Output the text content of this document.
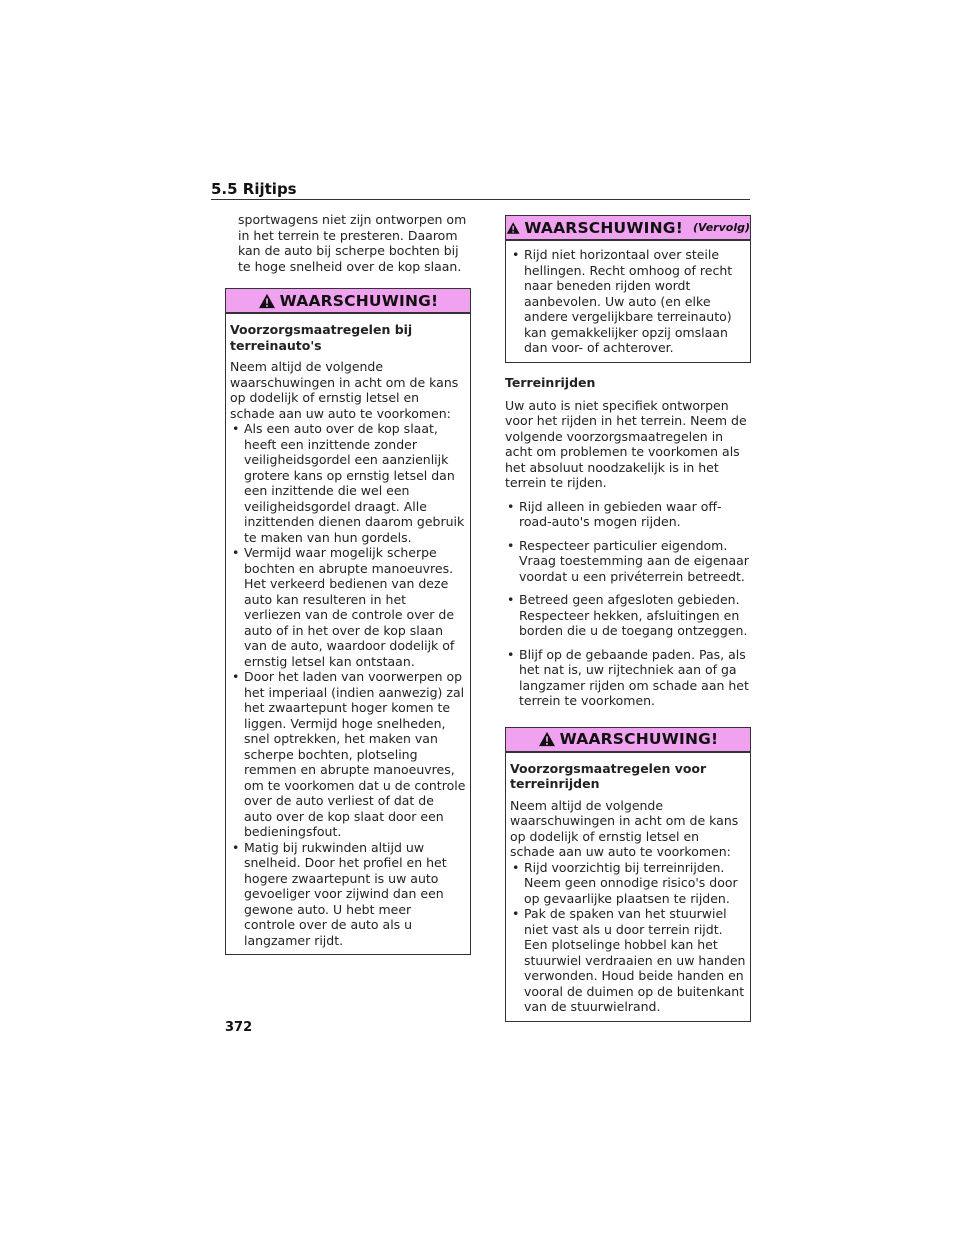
5.5 Rijtips

sportwagens niet zijn ontworpen om in het terrein te presteren. Daarom kan de auto bij scherpe bochten bij te hoge snelheid over de kop slaan.

WAARSCHUWING!

Voorzorgsmaatregelen bij terreinauto's

Neem altijd de volgende waarschuwingen in acht om de kans op dodelijk of ernstig letsel en schade aan uw auto te voorkomen:

• Als een auto over de kop slaat, heeft een inzittende zonder veiligheidsgordel een aanzienlijk grotere kans op ernstig letsel dan een inzittende die wel een veiligheidsgordel draagt. Alle inzittenden dienen daarom gebruik te maken van hun gordels.
• Vermijd waar mogelijk scherpe bochten en abrupte manoeuvres. Het verkeerd bedienen van deze auto kan resulteren in het verliezen van de controle over de auto of in het over de kop slaan van de auto, waardoor dodelijk of ernstig letsel kan ontstaan.
• Door het laden van voorwerpen op het imperiaal (indien aanwezig) zal het zwaartepunt hoger komen te liggen. Vermijd hoge snelheden, snel optrekken, het maken van scherpe bochten, plotseling remmen en abrupte manoeuvres, om te voorkomen dat u de controle over de auto verliest of dat de auto over de kop slaat door een bedieningsfout.
• Matig bij rukwinden altijd uw snelheid. Door het profiel en het hogere zwaartepunt is uw auto gevoeliger voor zijwind dan een gewone auto. U hebt meer controle over de auto als u langzamer rijdt.
WAARSCHUWING! (Vervolg)
• Rijd niet horizontaal over steile hellingen. Recht omhoog of recht naar beneden rijden wordt aanbevolen. Uw auto (en elke andere vergelijkbare terreinauto) kan gemakkelijker opzij omslaan dan voor- of achterover.

Terreinrijden

Uw auto is niet specifiek ontworpen voor het rijden in het terrein. Neem de volgende voorzorgsmaatregelen in acht om problemen te voorkomen als het absoluut noodzakelijk is in het terrein te rijden.

• Rijd alleen in gebieden waar off-road-auto's mogen rijden.
• Respecteer particulier eigendom. Vraag toestemming aan de eigenaar voordat u een privéterrein betreedt.
• Betreed geen afgesloten gebieden. Respecteer hekken, afsluitingen en borden die u de toegang ontzeggen.
• Blijf op de gebaande paden. Pas, als het nat is, uw rijtechniek aan of ga langzamer rijden om schade aan het terrein te voorkomen.
WAARSCHUWING!

Voorzorgsmaatregelen voor terreinrijden

Neem altijd de volgende waarschuwingen in acht om de kans op dodelijk of ernstig letsel en schade aan uw auto te voorkomen:

• Rijd voorzichtig bij terreinrijden. Neem geen onnodige risico's door op gevaarlijke plaatsen te rijden.
• Pak de spaken van het stuurwiel niet vast als u door terrein rijdt. Een plotselinge hobbel kan het stuurwiel verdraaien en uw handen verwonden. Houd beide handen en vooral de duimen op de buitenkant van de stuurwielrand.
372
